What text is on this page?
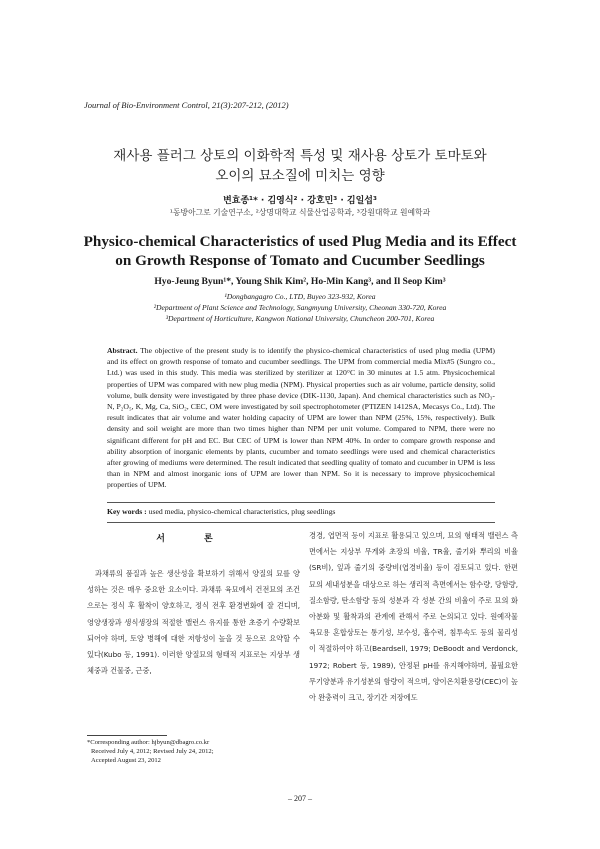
Journal of Bio-Environment Control, 21(3):207-212, (2012)
재사용 플러그 상토의 이화학적 특성 및 재사용 상토가 토마토와
오이의 묘소질에 미치는 영향
변효종¹* · 김영식² · 강호민³ · 김일섭³
¹동방아그로 기술연구소, ²상명대학교 식물산업공학과, ³강원대학교 원예학과
Physico-chemical Characteristics of used Plug Media and its Effect
on Growth Response of Tomato and Cucumber Seedlings
Hyo-Jeung Byun¹*, Young Shik Kim², Ho-Min Kang³, and Il Seop Kim³
¹Dongbangagro Co., LTD, Buyeo 323-932, Korea
²Department of Plant Science and Technology, Sangmyung University, Cheonan 330-720, Korea
³Department of Horticulture, Kangwon National University, Chuncheon 200-701, Korea
Abstract. The objective of the present study is to identify the physico-chemical characteristics of used plug media (UPM) and its effect on growth response of tomato and cucumber seedlings. The UPM from commercial media Mix#5 (Sungro co., Ltd.) was used in this study. This media was sterilized by sterilizer at 120°C in 30 minutes at 1.5 atm. Physicochemical properties of UPM was compared with new plug media (NPM). Physical properties such as air volume, particle density, solid volume, bulk density were investigated by three phase device (DIK-1130, Japan). And chemical characteristics such as NO₃-N, P₂O₅, K, Mg, Ca, SiO₂, CEC, OM were investigated by soil spectrophotometer (PTIZEN 1412SA, Mecasys Co., Ltd). The result indicates that air volume and water holding capacity of UPM are lower than NPM (25%, 15%, respectively). Bulk density and soil weight are more than two times higher than NPM per unit volume. Compared to NPM, there were no significant different for pH and EC. But CEC of UPM is lower than NPM 40%. In order to compare growth response and ability absorption of inorganic elements by plants, cucumber and tomato seedlings were used and chemical characteristics after growing of mediums were determined. The result indicated that seedling quality of tomato and cucumber in UPM is less than in NPM and almost inorganic ions of UPM are lower than NPM. So it is necessary to improve physicochemical properties of UPM.
Key words : used media, physico-chemical characteristics, plug seedlings
서 론

과채류의 품질과 높은 생산성을 확보하기 위해서 양질의 묘를 양성하는 것은 매우 중요한 요소이다. 과채류 육묘에서 건전묘의 조건으로는 정식 후 활착이 양호하고, 정식 전후 환경변화에 잘 견디며, 영양생장과 생식생장의 적절한 밸런스 유지를 통한 초증기 수량확보되어야 하며, 토양 병해에 대한 저항성이 높을 것 등으로 요약할 수 있다(Kubo 등, 1991). 이러한 양질묘의 형태적 지표로는 지상부 생체중과 건물중, 근중,

경경, 엽면적 등이 지표로 활용되고 있으며, 묘의 형태적 밸런스 측면에서는 지상부 무게와 초장의 비율, TR율, 줄기와 뿌리의 비율(SR비), 잎과 줄기의 중량비(엽경비율) 등이 검토되고 있다. 한편 묘의 세내성분을 대상으로 하는 생리적 측면에서는 함수량, 당함량, 질소함량, 탄소함량 등의 성분과 각 성분 간의 비율이 주로 묘의 화아분화 및 활착과의 관계에 관해서 주로 논의되고 있다. 원예작물 육묘용 혼합상토는 통기성, 보수성, 흡수력, 침투속도 등의 물리성이 적절하여야 하고(Beardsell, 1979; DeBoodt and Verdonck, 1972; Robert 등, 1989), 안정된 pH를 유지해야하며, 불필요한 무기양분과 유기성분의 함량이 적으며, 양이온치환용량(CEC)이 높아 완충력이 크고, 장기간 저장에도

*Corresponding author: hjbyun@dbagro.co.kr
Received July 4, 2012; Revised July 24, 2012;
Accepted August 23, 2012
– 207 –
